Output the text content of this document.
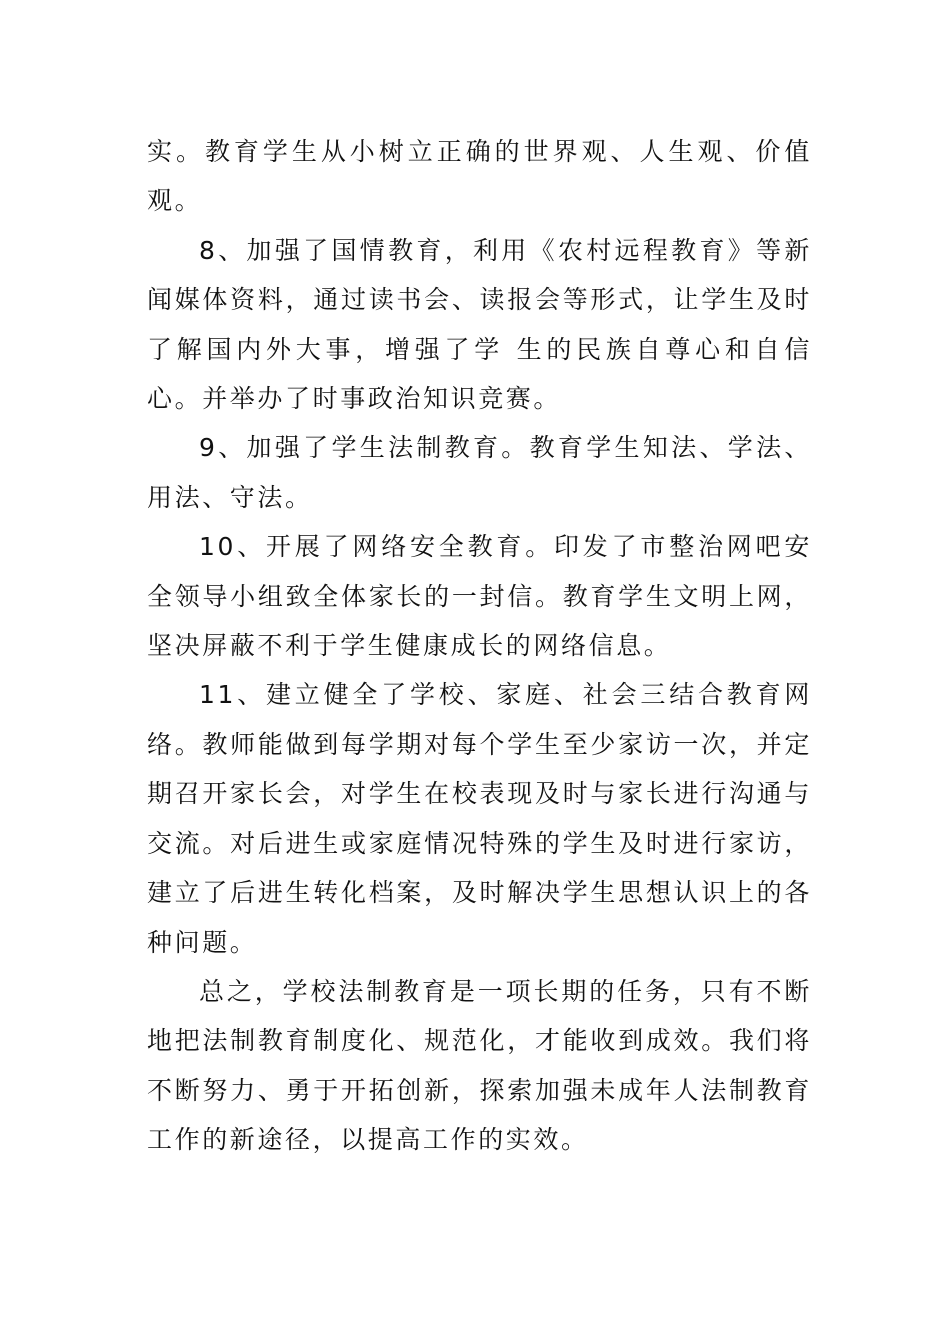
实。教育学生从小树立正确的世界观、人生观、价值观。

8、加强了国情教育，利用《农村远程教育》等新闻媒体资料，通过读书会、读报会等形式，让学生及时了解国内外大事，增强了学 生的民族自尊心和自信心。并举办了时事政治知识竞赛。

9、加强了学生法制教育。教育学生知法、学法、用法、守法。

10、开展了网络安全教育。印发了市整治网吧安全领导小组致全体家长的一封信。教育学生文明上网，坚决屏蔽不利于学生健康成长的网络信息。

11、建立健全了学校、家庭、社会三结合教育网络。教师能做到每学期对每个学生至少家访一次，并定期召开家长会，对学生在校表现及时与家长进行沟通与交流。对后进生或家庭情况特殊的学生及时进行家访，建立了后进生转化档案，及时解决学生思想认识上的各种问题。

总之，学校法制教育是一项长期的任务，只有不断地把法制教育制度化、规范化，才能收到成效。我们将不断努力、勇于开拓创新，探索加强未成年人法制教育工作的新途径，以提高工作的实效。
